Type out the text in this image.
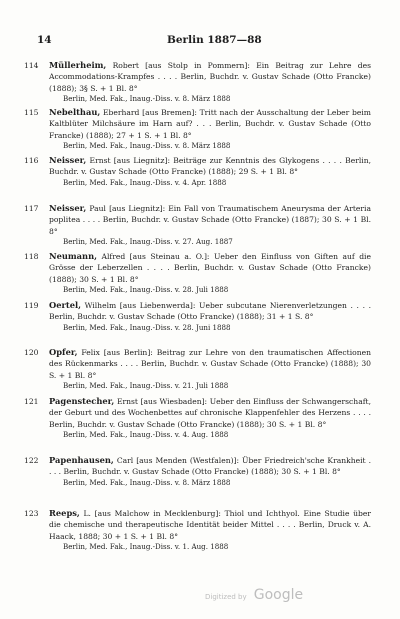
14	Berlin 1887—88
114 Müllerheim, Robert [aus Stolp in Pommern]: Ein Beitrag zur Lehre des Accommodations-Krampfes . . . . Berlin, Buchdr. v. Gustav Schade (Otto Francke) (1888); 3§ S. + 1 Bl. 8°
Berlin, Med. Fak., Inaug.-Diss. v. 8. März 1888
115 Nebelthau, Eberhard [aus Bremen]: Tritt nach der Ausschaltung der Leber beim Kaltblüter Milchsäure im Harn auf? . . . Berlin, Buchdr. v. Gustav Schade (Otto Francke) (1888); 27 + 1 S. + 1 Bl. 8°
Berlin, Med. Fak., Inaug.-Diss. v. 8. März 1888
116 Neisser, Ernst [aus Liegnitz]: Beiträge zur Kenntnis des Glykogens . . . . Berlin, Buchdr. v. Gustav Schade (Otto Francke) (1888); 29 S. + 1 Bl. 8°
Berlin, Med. Fak., Inaug.-Diss. v. 4. Apr. 1888
117 Neisser, Paul [aus Liegnitz]: Ein Fall von Traumatischem Aneurysma der Arteria poplitea . . . . Berlin, Buchdr. v. Gustav Schade (Otto Francke) (1887); 30 S. + 1 Bl. 8°
Berlin, Med. Fak., Inaug.-Diss. v. 27. Aug. 1887
118 Neumann, Alfred [aus Steinau a. O.]: Ueber den Einfluss von Giften auf die Grösse der Leberzellen . . . . Berlin, Buchdr. v. Gustav Schade (Otto Francke) (1888); 30 S. + 1 Bl. 8°
Berlin, Med. Fak., Inaug.-Diss. v. 28. Juli 1888
119 Oertel, Wilhelm [aus Liebenwerda]: Ueber subcutane Nierenverletzungen . . . . Berlin, Buchdr. v. Gustav Schade (Otto Francke) (1888); 31 + 1 S. 8°
Berlin, Med. Fak., Inaug.-Diss. v. 28. Juni 1888
120 Opfer, Felix [aus Berlin]: Beitrag zur Lehre von den traumatischen Affectionen des Rückenmarks . . . . Berlin, Buchdr. v. Gustav Schade (Otto Francke) (1888); 30 S. + 1 Bl. 8°
Berlin, Med. Fak., Inaug.-Diss. v. 21. Juli 1888
121 Pagenstecher, Ernst [aus Wiesbaden]: Ueber den Einfluss der Schwangerschaft, der Geburt und des Wochenbettes auf chronische Klappenfehler des Herzens . . . . Berlin, Buchdr. v. Gustav Schade (Otto Francke) (1888); 30 S. + 1 Bl. 8°
Berlin, Med. Fak., Inaug.-Diss. v. 4. Aug. 1888
122 Papenhausen, Carl [aus Menden (Westfalen)]: Über Friedreich'sche Krankheit . . . . Berlin, Buchdr. v. Gustav Schade (Otto Francke) (1888); 30 S. + 1 Bl. 8°
Berlin, Med. Fak., Inaug.-Diss. v. 8. März 1888
123 Reeps, L. [aus Malchow in Mecklenburg]: Thiol und Ichthyol. Eine Studie über die chemische und therapeutische Identität beider Mittel . . . . Berlin, Druck v. A. Haack, 1888; 30 + 1 S. + 1 Bl. 8°
Berlin, Med. Fak., Inaug.-Diss. v. 1. Aug. 1888
Digitized by Google
